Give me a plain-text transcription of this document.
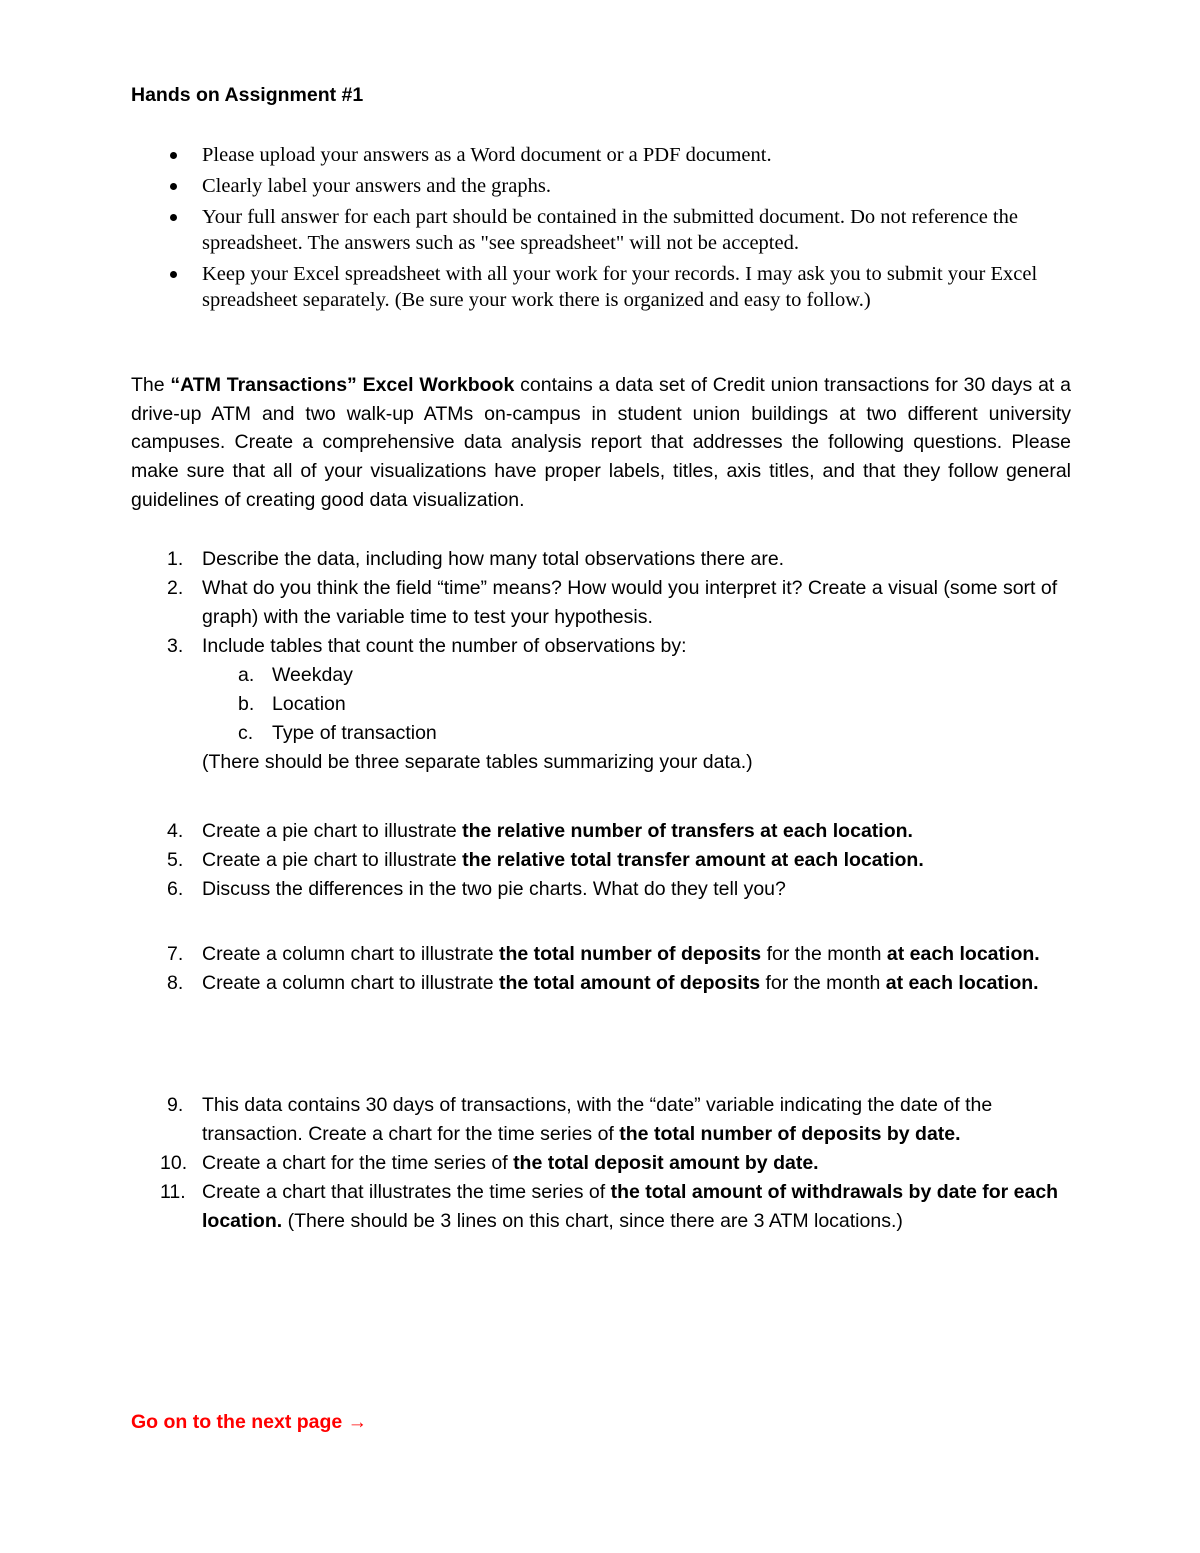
Hands on Assignment #1
Please upload your answers as a Word document or a PDF document.
Clearly label your answers and the graphs.
Your full answer for each part should be contained in the submitted document. Do not reference the spreadsheet. The answers such as "see spreadsheet" will not be accepted.
Keep your Excel spreadsheet with all your work for your records. I may ask you to submit your Excel spreadsheet separately. (Be sure your work there is organized and easy to follow.)
The “ATM Transactions” Excel Workbook contains a data set of Credit union transactions for 30 days at a drive-up ATM and two walk-up ATMs on-campus in student union buildings at two different university campuses. Create a comprehensive data analysis report that addresses the following questions. Please make sure that all of your visualizations have proper labels, titles, axis titles, and that they follow general guidelines of creating good data visualization.
1. Describe the data, including how many total observations there are.
2. What do you think the field “time” means? How would you interpret it? Create a visual (some sort of graph) with the variable time to test your hypothesis.
3. Include tables that count the number of observations by:
a. Weekday
b. Location
c. Type of transaction
(There should be three separate tables summarizing your data.)
4. Create a pie chart to illustrate the relative number of transfers at each location.
5. Create a pie chart to illustrate the relative total transfer amount at each location.
6. Discuss the differences in the two pie charts. What do they tell you?
7. Create a column chart to illustrate the total number of deposits for the month at each location.
8. Create a column chart to illustrate the total amount of deposits for the month at each location.
9. This data contains 30 days of transactions, with the “date” variable indicating the date of the transaction. Create a chart for the time series of the total number of deposits by date.
10. Create a chart for the time series of the total deposit amount by date.
11. Create a chart that illustrates the time series of the total amount of withdrawals by date for each location. (There should be 3 lines on this chart, since there are 3 ATM locations.)
Go on to the next page →
